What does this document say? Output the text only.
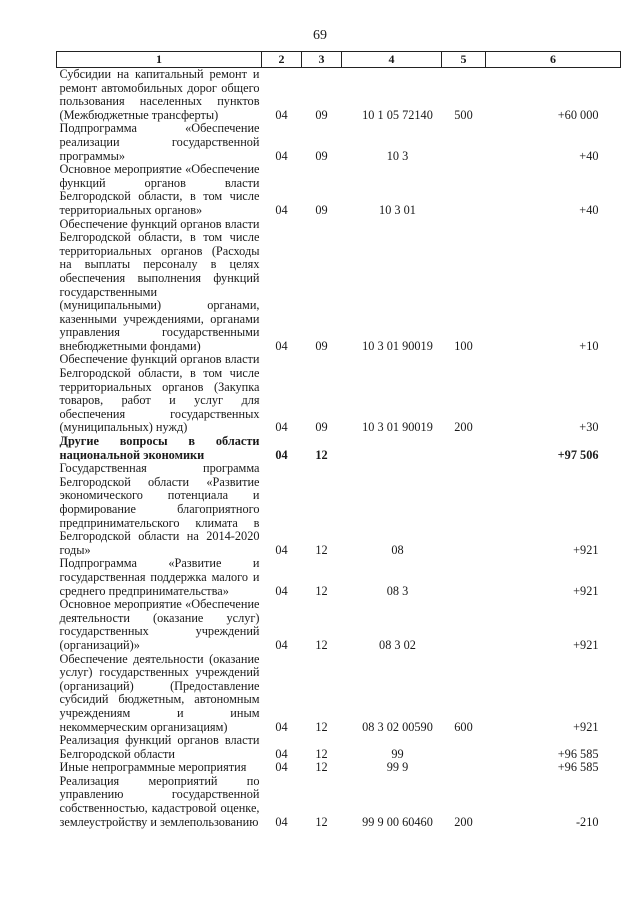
69
1	2	3	4	5	6
Субсидии на капитальный ремонт и ремонт автомобильных дорог общего пользования населенных пунктов (Межбюджетные трансферты)	04	09	10 1 05 72140	500	+60 000
Подпрограмма «Обеспечение реализации государственной программы»	04	09	10 3		+40
Основное мероприятие «Обеспечение функций органов власти Белгородской области, в том числе территориальных органов»	04	09	10 3 01		+40
Обеспечение функций органов власти Белгородской области, в том числе территориальных органов (Расходы на выплаты персоналу в целях обеспечения выполнения функций государственными (муниципальными) органами, казенными учреждениями, органами управления государственными внебюджетными фондами)	04	09	10 3 01 90019	100	+10
Обеспечение функций органов власти Белгородской области, в том числе территориальных органов (Закупка товаров, работ и услуг для обеспечения государственных (муниципальных) нужд)	04	09	10 3 01 90019	200	+30
Другие вопросы в области национальной экономики	04	12			+97 506
Государственная программа Белгородской области «Развитие экономического потенциала и формирование благоприятного предпринимательского климата в Белгородской области на 2014-2020 годы»	04	12	08		+921
Подпрограмма «Развитие и государственная поддержка малого и среднего предпринимательства»	04	12	08 3		+921
Основное мероприятие «Обеспечение деятельности (оказание услуг) государственных учреждений (организаций)»	04	12	08 3 02		+921
Обеспечение деятельности (оказание услуг) государственных учреждений (организаций) (Предоставление субсидий бюджетным, автономным учреждениям и иным некоммерческим организациям)	04	12	08 3 02 00590	600	+921
Реализация функций органов власти Белгородской области	04	12	99		+96 585
Иные непрограммные мероприятия	04	12	99 9		+96 585
Реализация мероприятий по управлению государственной собственностью, кадастровой оценке, землеустройству и землепользованию	04	12	99 9 00 60460	200	-210
